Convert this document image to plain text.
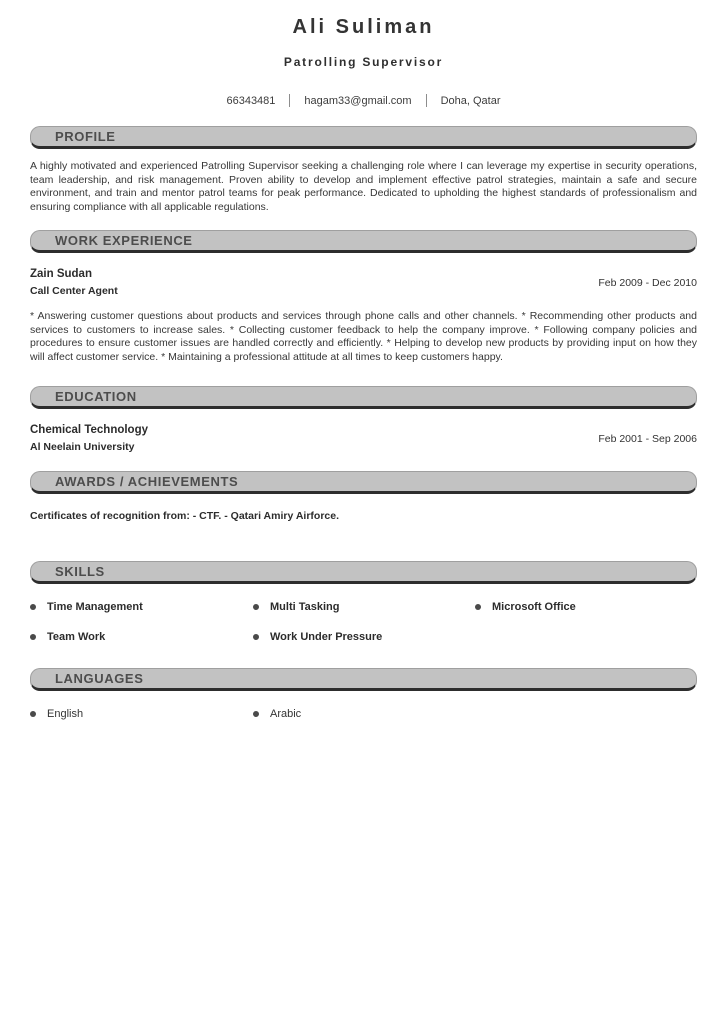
Ali Suliman
Patrolling Supervisor
66343481	hagam33@gmail.com	Doha, Qatar
PROFILE

A highly motivated and experienced Patrolling Supervisor seeking a challenging role where I can leverage my expertise in security operations, team leadership, and risk management. Proven ability to develop and implement effective patrol strategies, maintain a safe and secure environment, and train and mentor patrol teams for peak performance. Dedicated to upholding the highest standards of professionalism and ensuring compliance with all applicable regulations.

WORK EXPERIENCE
Zain Sudan
Call Center Agent
Feb 2009 - Dec 2010

* Answering customer questions about products and services through phone calls and other channels. * Recommending other products and services to customers to increase sales. * Collecting customer feedback to help the company improve. * Following company policies and procedures to ensure customer issues are handled correctly and efficiently. * Helping to develop new products by providing input on how they will affect customer service. * Maintaining a professional attitude at all times to keep customers happy.

EDUCATION
Chemical Technology
Al Neelain University
Feb 2001 - Sep 2006
AWARDS / ACHIEVEMENTS
Certificates of recognition from: - CTF. - Qatari Amiry Airforce.
SKILLS
Time Management	Multi Tasking	Microsoft Office
Team Work	Work Under Pressure
LANGUAGES
English	Arabic
